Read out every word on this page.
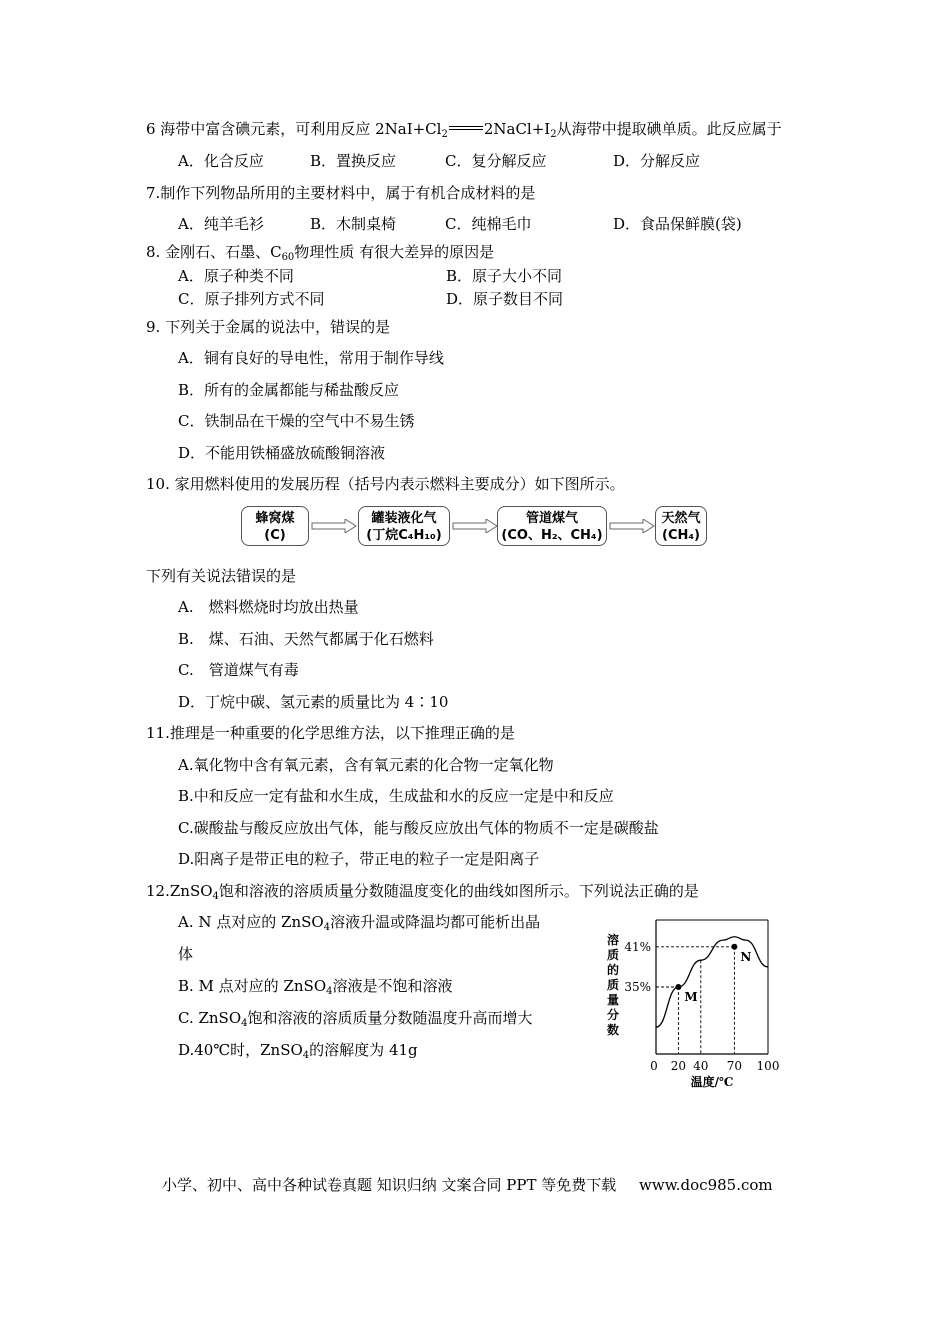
6 海带中富含碘元素，可利用反应 $2NaI+Cl_2$ $2NaCl+I_2$从海带中提取碘单质。此反应属于
A．化合反应	B．置换反应	C．复分解反应	D．分解反应
7.制作下列物品所用的主要材料中，属于有机合成材料的是
A．纯羊毛衫	B．木制桌椅	C．纯棉毛巾	D．食品保鲜膜(袋)
8. 金刚石、石墨、$C_{60}$物理性质 有很大差异的原因是
A．原子种类不同	B．原子大小不同
C．原子排列方式不同	D．原子数目不同
9. 下列关于金属的说法中，错误的是
A．铜有良好的导电性，常用于制作导线
B．所有的金属都能与稀盐酸反应
C．铁制品在干燥的空气中不易生锈
D．不能用铁桶盛放硫酸铜溶液
10. 家用燃料使用的发展历程（括号内表示燃料主要成分）如下图所示。
蜂窝煤
(C)
罐装液化气
(丁烷C₄H₁₀)
管道煤气
(CO、H₂、CH₄)
天然气
(CH₄)
下列有关说法错误的是
A.　燃料燃烧时均放出热量
B.　煤、石油、天然气都属于化石燃料
C.　管道煤气有毒
D．丁烷中碳、氢元素的质量比为 4∶10
11.推理是一种重要的化学思维方法，以下推理正确的是
A.氧化物中含有氧元素，含有氧元素的化合物一定氧化物
B.中和反应一定有盐和水生成，生成盐和水的反应一定是中和反应
C.碳酸盐与酸反应放出气体，能与酸反应放出气体的物质不一定是碳酸盐
D.阳离子是带正电的粒子，带正电的粒子一定是阳离子
12.ZnSO$_4$饱和溶液的溶质质量分数随温度变化的曲线如图所示。下列说法正确的是
A. N 点对应的 ZnSO$_4$溶液升温或降温均都可能析出晶
体
B. M 点对应的 ZnSO$_4$溶液是不饱和溶液
C. ZnSO$_4$饱和溶液的溶质质量分数随温度升高而增大
D.40℃时，ZnSO$_4$的溶解度为 41g
溶
质
的
质
量
分
数
M
N
35%
41%
0 20 40 70 100
温度/℃
小学、初中、高中各种试卷真题 知识归纳 文案合同 PPT 等免费下载 www.doc985.com
